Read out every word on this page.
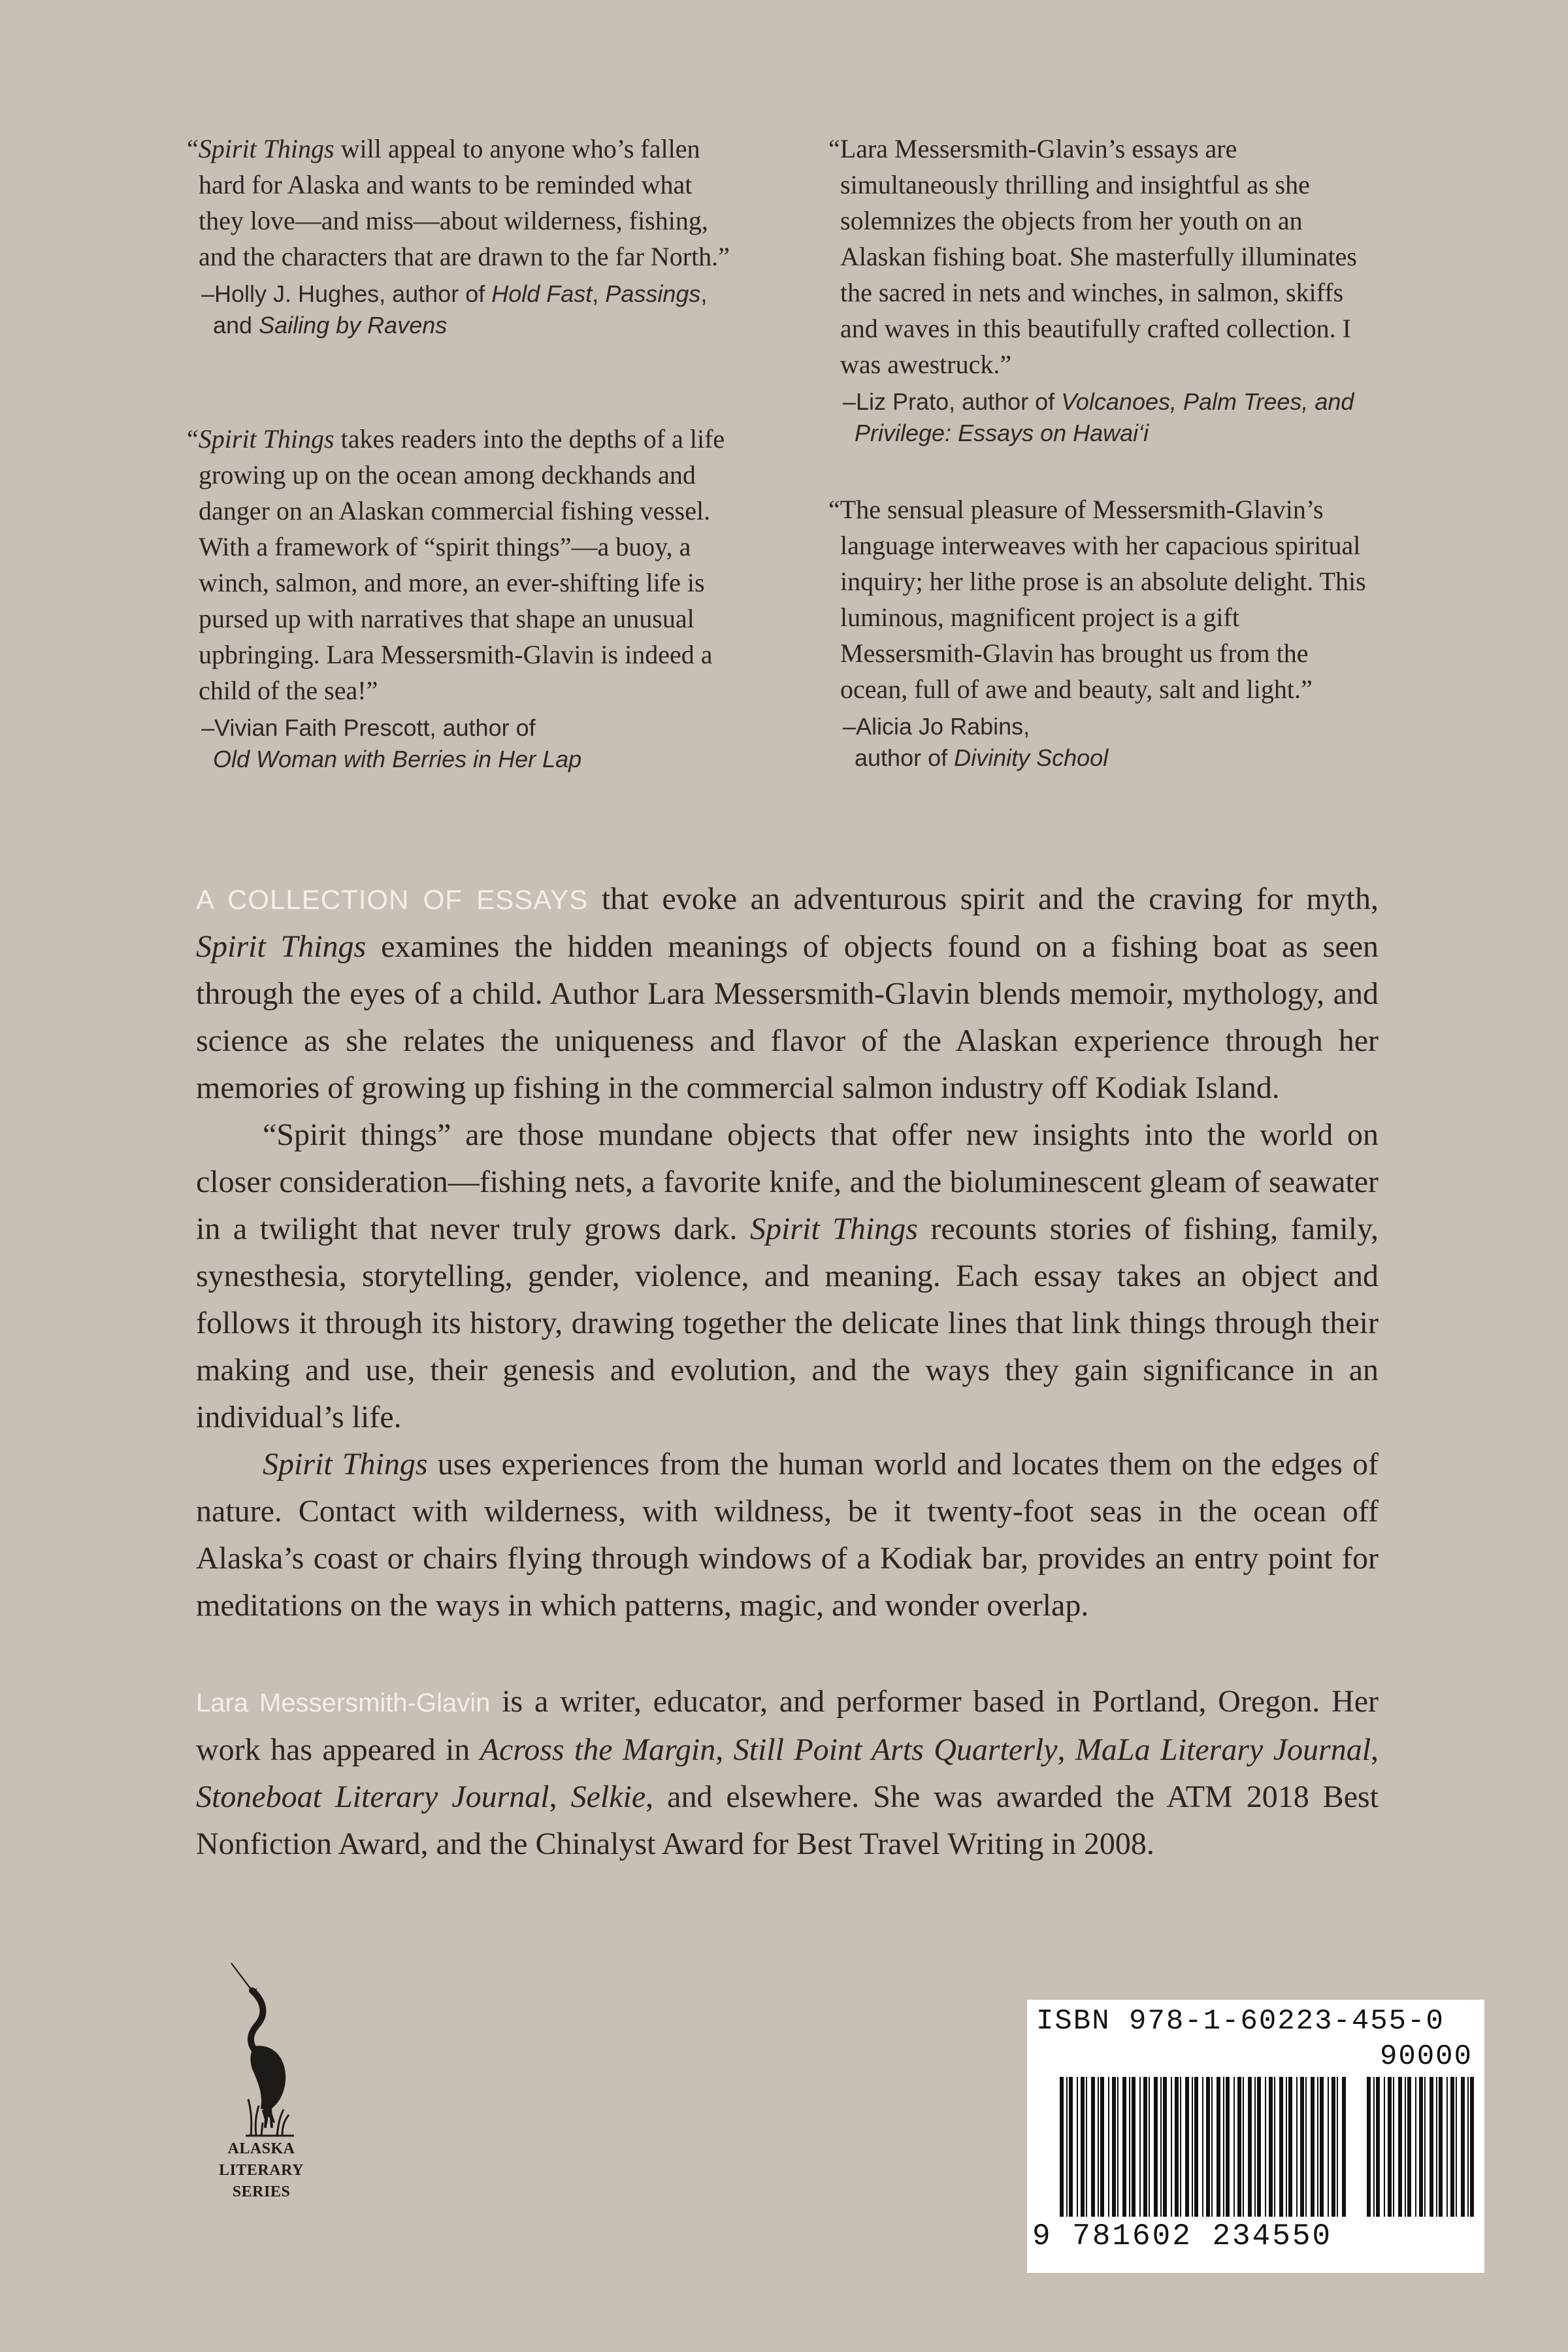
“Spirit Things will appeal to anyone who’s fallen hard for Alaska and wants to be reminded what they love—and miss—about wilderness, fishing, and the characters that are drawn to the far North.”

–Holly J. Hughes, author of Hold Fast, Passings, and Sailing by Ravens

“Spirit Things takes readers into the depths of a life growing up on the ocean among deckhands and danger on an Alaskan commercial fishing vessel. With a framework of “spirit things”—a buoy, a winch, salmon, and more, an ever-shifting life is pursed up with narratives that shape an unusual upbringing. Lara Messersmith-Glavin is indeed a child of the sea!”

–Vivian Faith Prescott, author of
Old Woman with Berries in Her Lap

“Lara Messersmith-Glavin’s essays are simultaneously thrilling and insightful as she solemnizes the objects from her youth on an Alaskan fishing boat. She masterfully illuminates the sacred in nets and winches, in salmon, skiffs and waves in this beautifully crafted collection. I was awestruck.”

–Liz Prato, author of Volcanoes, Palm Trees, and Privilege: Essays on Hawai‘i

“The sensual pleasure of Messersmith-Glavin’s language interweaves with her capacious spiritual inquiry; her lithe prose is an absolute delight. This luminous, magnificent project is a gift Messersmith-Glavin has brought us from the ocean, full of awe and beauty, salt and light.”

–Alicia Jo Rabins,
author of Divinity School

A COLLECTION OF ESSAYS that evoke an adventurous spirit and the craving for myth, Spirit Things examines the hidden meanings of objects found on a fishing boat as seen through the eyes of a child. Author Lara Messersmith-Glavin blends memoir, mythology, and science as she relates the uniqueness and flavor of the Alaskan experience through her memories of growing up fishing in the commercial salmon industry off Kodiak Island.

“Spirit things” are those mundane objects that offer new insights into the world on closer consideration—fishing nets, a favorite knife, and the bioluminescent gleam of seawater in a twilight that never truly grows dark. Spirit Things recounts stories of fishing, family, synesthesia, storytelling, gender, violence, and meaning. Each essay takes an object and follows it through its history, drawing together the delicate lines that link things through their making and use, their genesis and evolution, and the ways they gain significance in an individual’s life.

Spirit Things uses experiences from the human world and locates them on the edges of nature. Contact with wilderness, with wildness, be it twenty-foot seas in the ocean off Alaska’s coast or chairs flying through windows of a Kodiak bar, provides an entry point for meditations on the ways in which patterns, magic, and wonder overlap.

Lara Messersmith-Glavin is a writer, educator, and performer based in Portland, Oregon. Her work has appeared in Across the Margin, Still Point Arts Quarterly, MaLa Literary Journal, Stoneboat Literary Journal, Selkie, and elsewhere. She was awarded the ATM 2018 Best Nonfiction Award, and the Chinalyst Award for Best Travel Writing in 2008.

ALASKA
LITERARY
SERIES
ISBN 978-1-60223-455-0
90000
9 781602 234550
